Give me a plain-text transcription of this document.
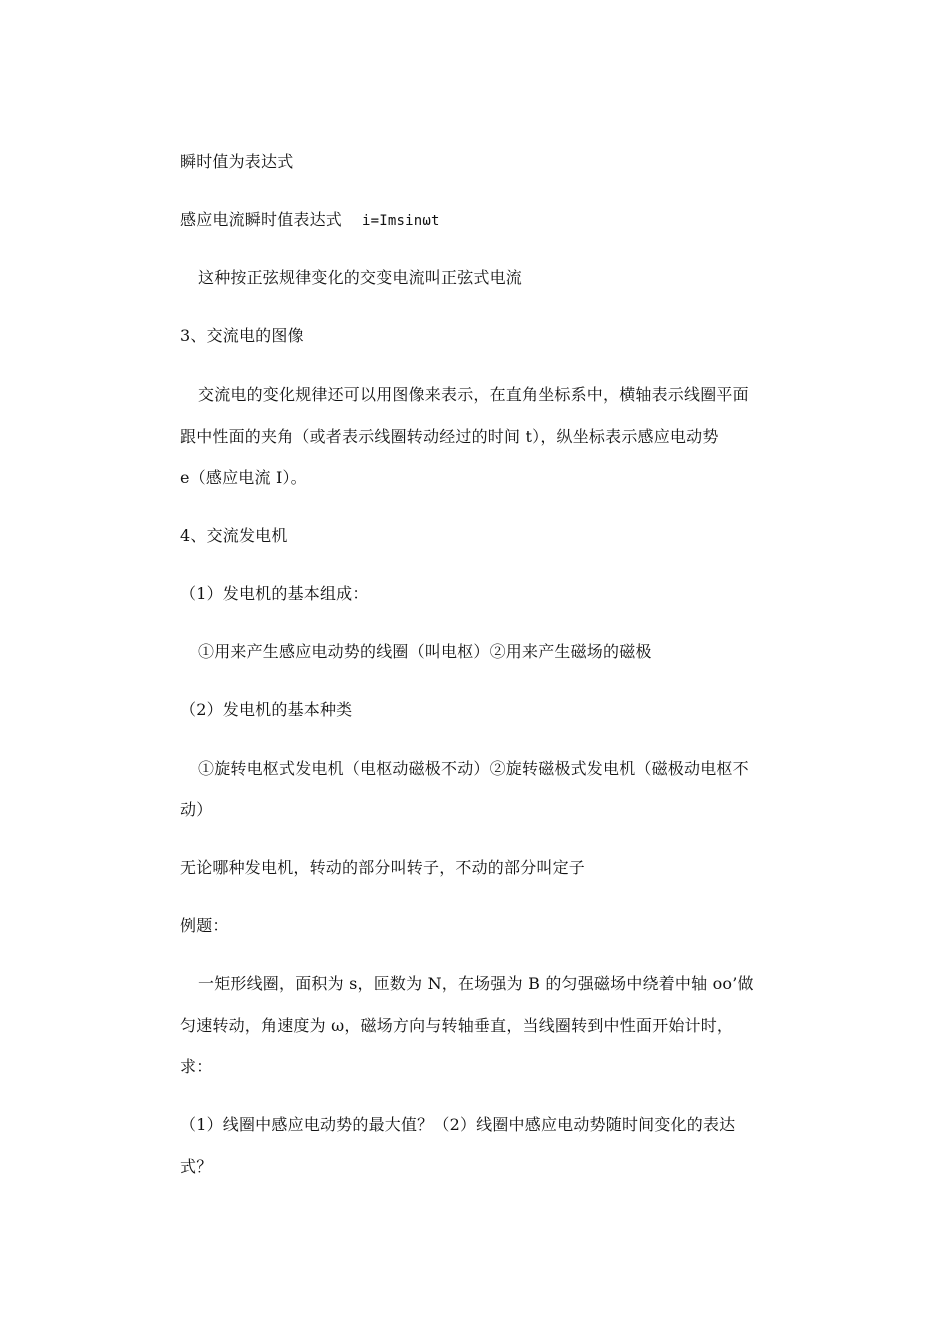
瞬时值为表达式
感应电流瞬时值表达式 i=Imsinωt
这种按正弦规律变化的交变电流叫正弦式电流
3、交流电的图像
交流电的变化规律还可以用图像来表示，在直角坐标系中，横轴表示线圈平面
跟中性面的夹角（或者表示线圈转动经过的时间 t），纵坐标表示感应电动势
e（感应电流 I）。
4、交流发电机
（1）发电机的基本组成：
①用来产生感应电动势的线圈（叫电枢）②用来产生磁场的磁极
（2）发电机的基本种类
①旋转电枢式发电机（电枢动磁极不动）②旋转磁极式发电机（磁极动电枢不
动）
无论哪种发电机，转动的部分叫转子，不动的部分叫定子
例题：
一矩形线圈，面积为 s，匝数为 N，在场强为 B 的匀强磁场中绕着中轴 oo’做
匀速转动，角速度为 ω，磁场方向与转轴垂直，当线圈转到中性面开始计时，
求：
（1）线圈中感应电动势的最大值？（2）线圈中感应电动势随时间变化的表达
式？
